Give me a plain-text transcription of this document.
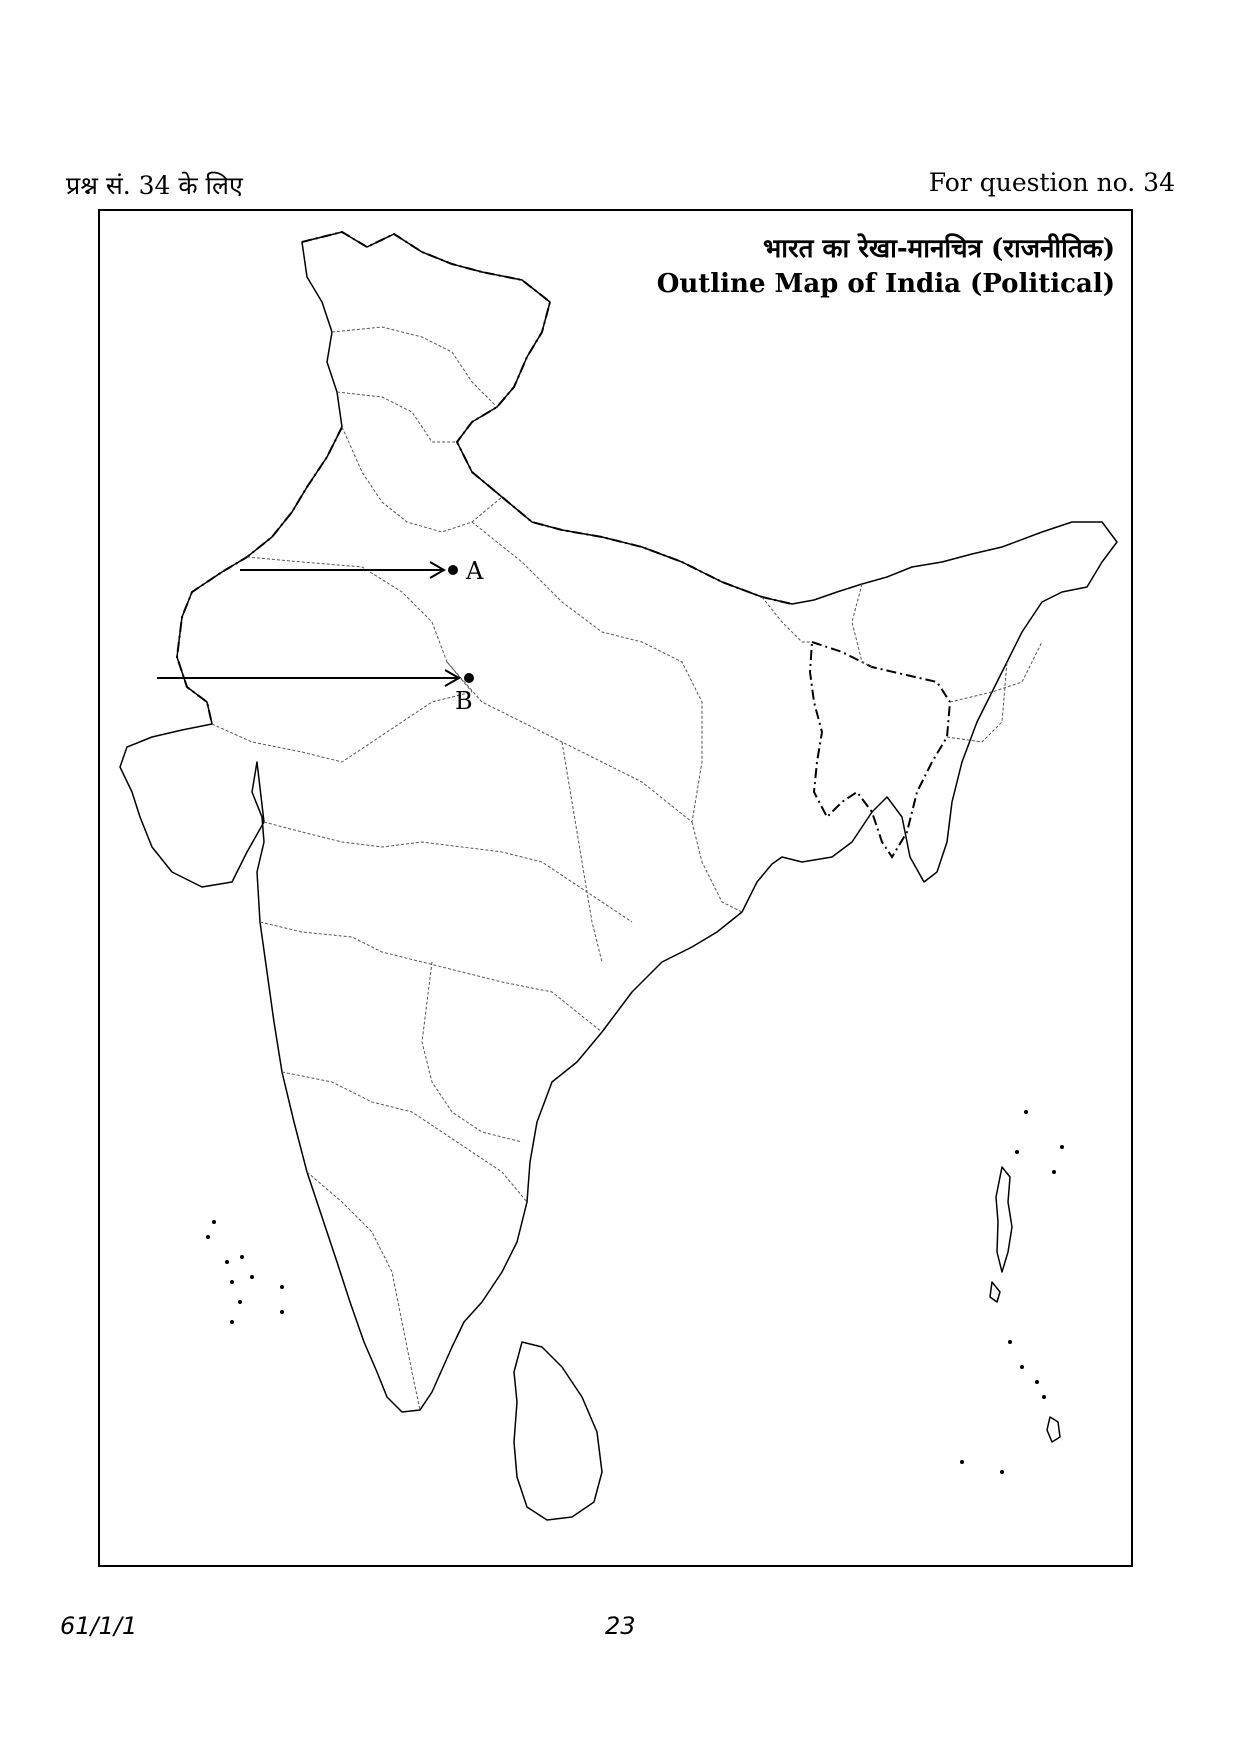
प्रश्न सं. 34 के लिए	For question no. 34
A
B
भारत का रेखा-मानचित्र (राजनीतिक)
Outline Map of India (Political)
61/1/1	23
